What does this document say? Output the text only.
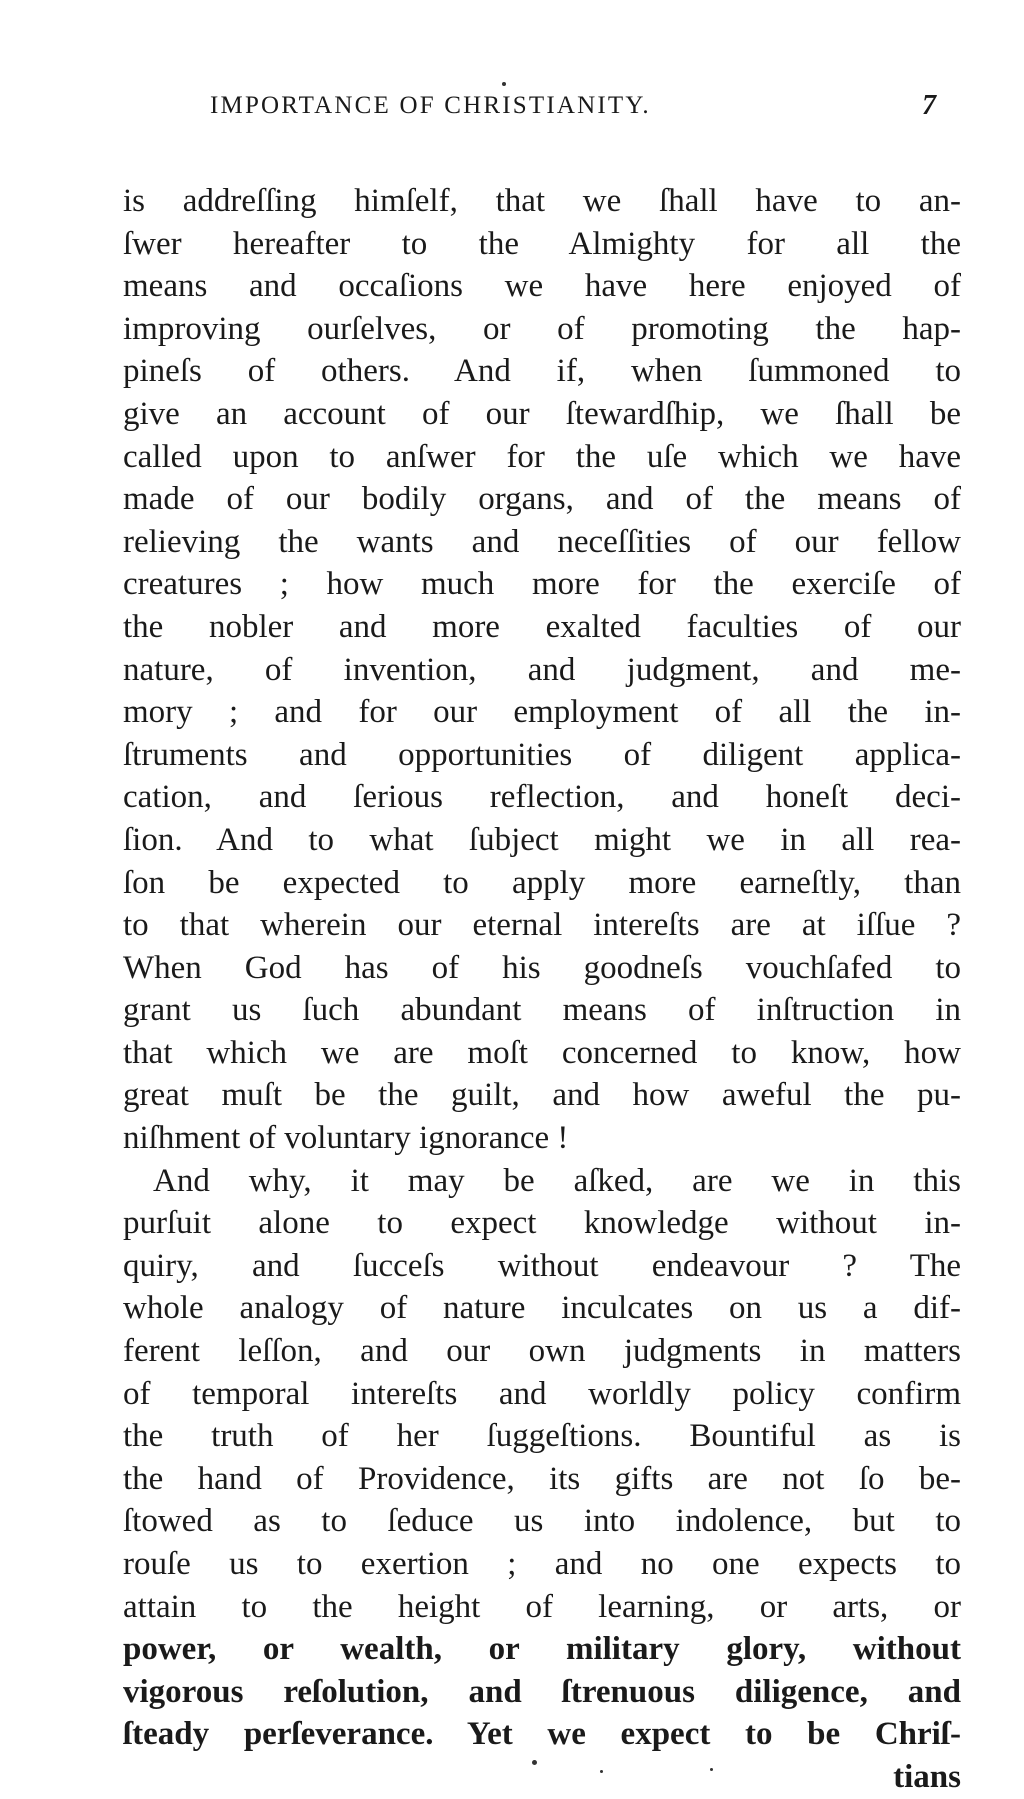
IMPORTANCE OF CHRISTIANITY.	7
is addreſſing himſelf, that we ſhall have to an-
ſwer hereafter to the Almighty for all the
means and occaſions we have here enjoyed of
improving ourſelves, or of promoting the hap-
pineſs of others. And if, when ſummoned to
give an account of our ſtewardſhip, we ſhall be
called upon to anſwer for the uſe which we have
made of our bodily organs, and of the means of
relieving the wants and neceſſities of our fellow
creatures ; how much more for the exerciſe of
the nobler and more exalted faculties of our
nature, of invention, and judgment, and me-
mory ; and for our employment of all the in-
ſtruments and opportunities of diligent applica-
cation, and ſerious reflection, and honeſt deci-
ſion. And to what ſubject might we in all rea-
ſon be expected to apply more earneſtly, than
to that wherein our eternal intereſts are at iſſue ?
When God has of his goodneſs vouchſafed to
grant us ſuch abundant means of inſtruction in
that which we are moſt concerned to know, how
great muſt be the guilt, and how aweful the pu-
niſhment of voluntary ignorance !
And why, it may be aſked, are we in this
purſuit alone to expect knowledge without in-
quiry, and ſucceſs without endeavour ? The
whole analogy of nature inculcates on us a dif-
ferent leſſon, and our own judgments in matters
of temporal intereſts and worldly policy confirm
the truth of her ſuggeſtions. Bountiful as is
the hand of Providence, its gifts are not ſo be-
ſtowed as to ſeduce us into indolence, but to
rouſe us to exertion ; and no one expects to
attain to the height of learning, or arts, or
power, or wealth, or military glory, without
vigorous reſolution, and ſtrenuous diligence, and
ſteady perſeverance. Yet we expect to be Chriſ-
tians
